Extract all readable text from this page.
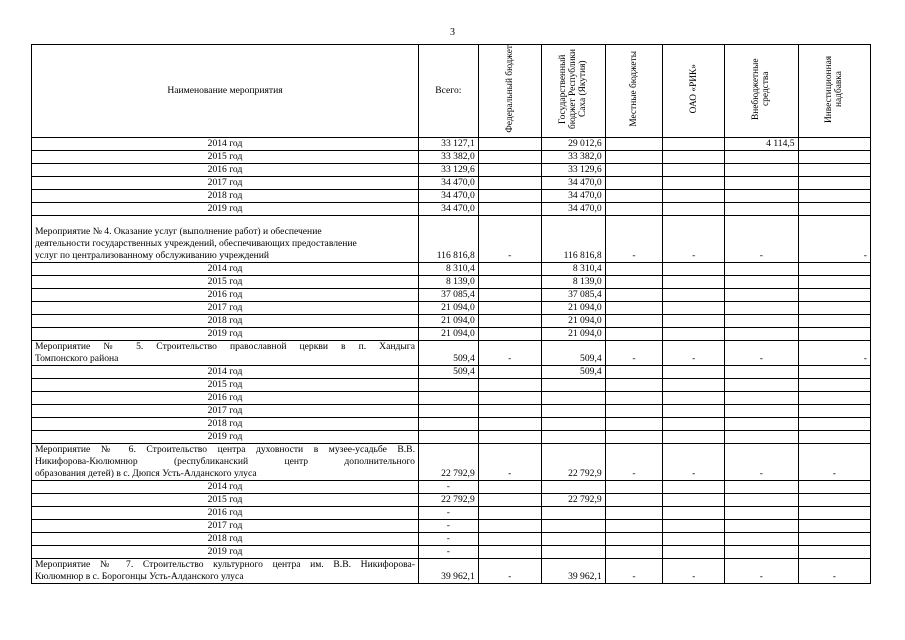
3
Наименование мероприятия	Всего:	Федеральный бюджет	Государственный бюджет Республики Саха (Якутия)	Местные бюджеты	ОАО «РИК»	Внебюджетные средства	Инвестиционная надбавка
2014 год	33 127,1		29 012,6			4 114,5	
2015 год	33 382,0		33 382,0				
2016 год	33 129,6		33 129,6				
2017 год	34 470,0		34 470,0				
2018 год	34 470,0		34 470,0				
2019 год	34 470,0		34 470,0				

Мероприятие № 4. Оказание услуг (выполнение работ) и обеспечение
деятельности государственных учреждений, обеспечивающих предоставление
услуг по централизованному обслуживанию учреждений	116 816,8	-	116 816,8	-	-	-	-
2014 год	8 310,4		8 310,4				
2015 год	8 139,0		8 139,0				
2016 год	37 085,4		37 085,4				
2017 год	21 094,0		21 094,0				
2018 год	21 094,0		21 094,0				
2019 год	21 094,0		21 094,0				

Мероприятие № 5. Строительство православной церкви в п. Хандыга
Томпонского района	509,4	-	509,4	-	-	-	-
2014 год	509,4		509,4				
2015 год							
2016 год							
2017 год							
2018 год							
2019 год							

Мероприятие № 6. Строительство центра духовности в музее-усадьбе В.В.
Никифорова-Кюлюмнюр (республиканский центр дополнительного
образования детей) в с. Дюпся Усть-Алданского улуса	22 792,9	-	22 792,9	-	-	-	-
2014 год	-						
2015 год	22 792,9		22 792,9				
2016 год	-						
2017 год	-						
2018 год	-						
2019 год	-						

Мероприятие № 7. Строительство культурного центра им. В.В. Никифорова-
Кюлюмнюр в с. Борогонцы Усть-Алданского улуса	39 962,1	-	39 962,1	-	-	-	-
